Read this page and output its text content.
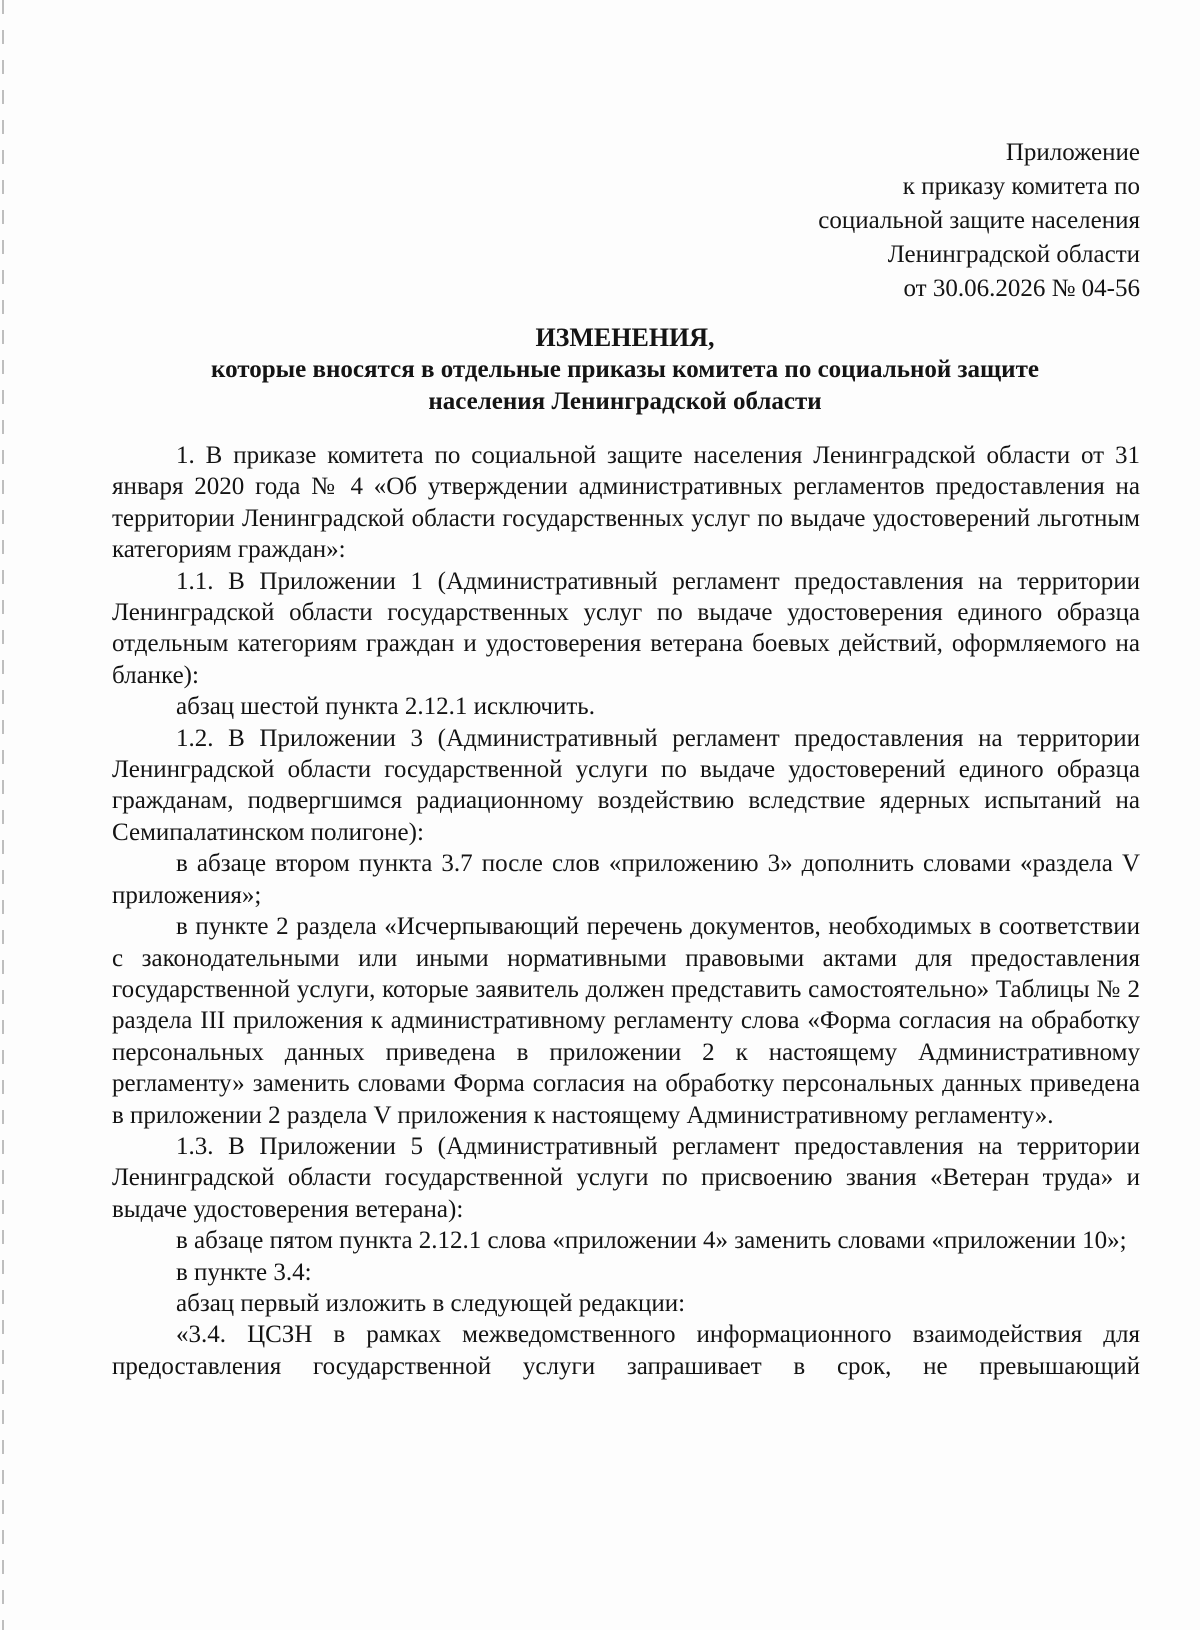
Приложение
к приказу комитета по
социальной защите населения
Ленинградской области
от 30.06.2026 № 04-56
ИЗМЕНЕНИЯ,
которые вносятся в отдельные приказы комитета по социальной защите
населения Ленинградской области

1. В приказе комитета по социальной защите населения Ленинградской области от 31 января 2020 года № 4 «Об утверждении административных регламентов предоставления на территории Ленинградской области государственных услуг по выдаче удостоверений льготным категориям граждан»:

1.1. В Приложении 1 (Административный регламент предоставления на территории Ленинградской области государственных услуг по выдаче удостоверения единого образца отдельным категориям граждан и удостоверения ветерана боевых действий, оформляемого на бланке):

абзац шестой пункта 2.12.1 исключить.

1.2. В Приложении 3 (Административный регламент предоставления на территории Ленинградской области государственной услуги по выдаче удостоверений единого образца гражданам, подвергшимся радиационному воздействию вследствие ядерных испытаний на Семипалатинском полигоне):

в абзаце втором пункта 3.7 после слов «приложению 3» дополнить словами «раздела V приложения»;

в пункте 2 раздела «Исчерпывающий перечень документов, необходимых в соответствии с законодательными или иными нормативными правовыми актами для предоставления государственной услуги, которые заявитель должен представить самостоятельно» Таблицы № 2 раздела III приложения к административному регламенту слова «Форма согласия на обработку персональных данных приведена в приложении 2 к настоящему Административному регламенту» заменить словами Форма согласия на обработку персональных данных приведена в приложении 2 раздела V приложения к настоящему Административному регламенту».

1.3. В Приложении 5 (Административный регламент предоставления на территории Ленинградской области государственной услуги по присвоению звания «Ветеран труда» и выдаче удостоверения ветерана):

в абзаце пятом пункта 2.12.1 слова «приложении 4» заменить словами «приложении 10»;

в пункте 3.4:

абзац первый изложить в следующей редакции:

«3.4. ЦСЗН в рамках межведомственного информационного взаимодействия для предоставления государственной услуги запрашивает в срок, не превышающий
